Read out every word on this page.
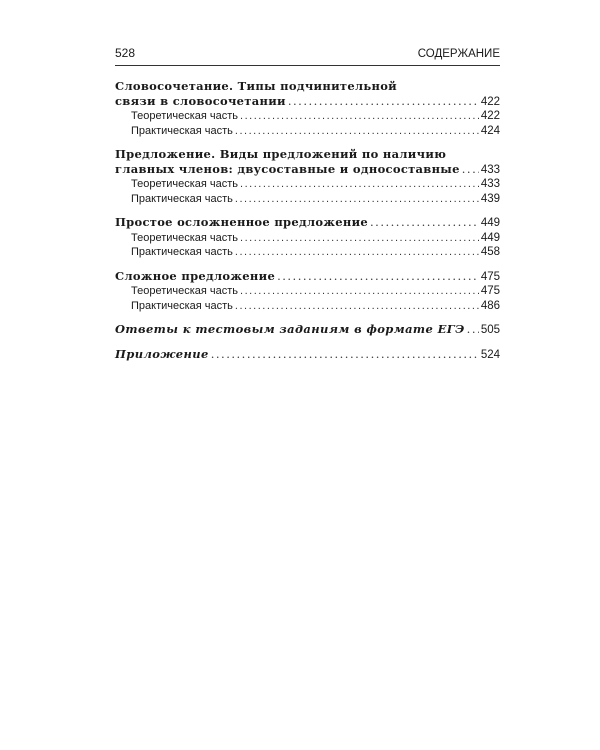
528	СОДЕРЖАНИЕ
Словосочетание. Типы подчинительной
связи в словосочетании .....	422
Теоретическая часть .....	422
Практическая часть .....	424
Предложение. Виды предложений по наличию
главных членов: двусоставные и односоставные ..... 433
Теоретическая часть .....	433
Практическая часть .....	439
Простое осложненное предложение .....	449
Теоретическая часть .....	449
Практическая часть .....	458
Сложное предложение .....	475
Теоретическая часть .....	475
Практическая часть .....	486
Ответы к тестовым заданиям в формате ЕГЭ ..... 505
Приложение .....	524
